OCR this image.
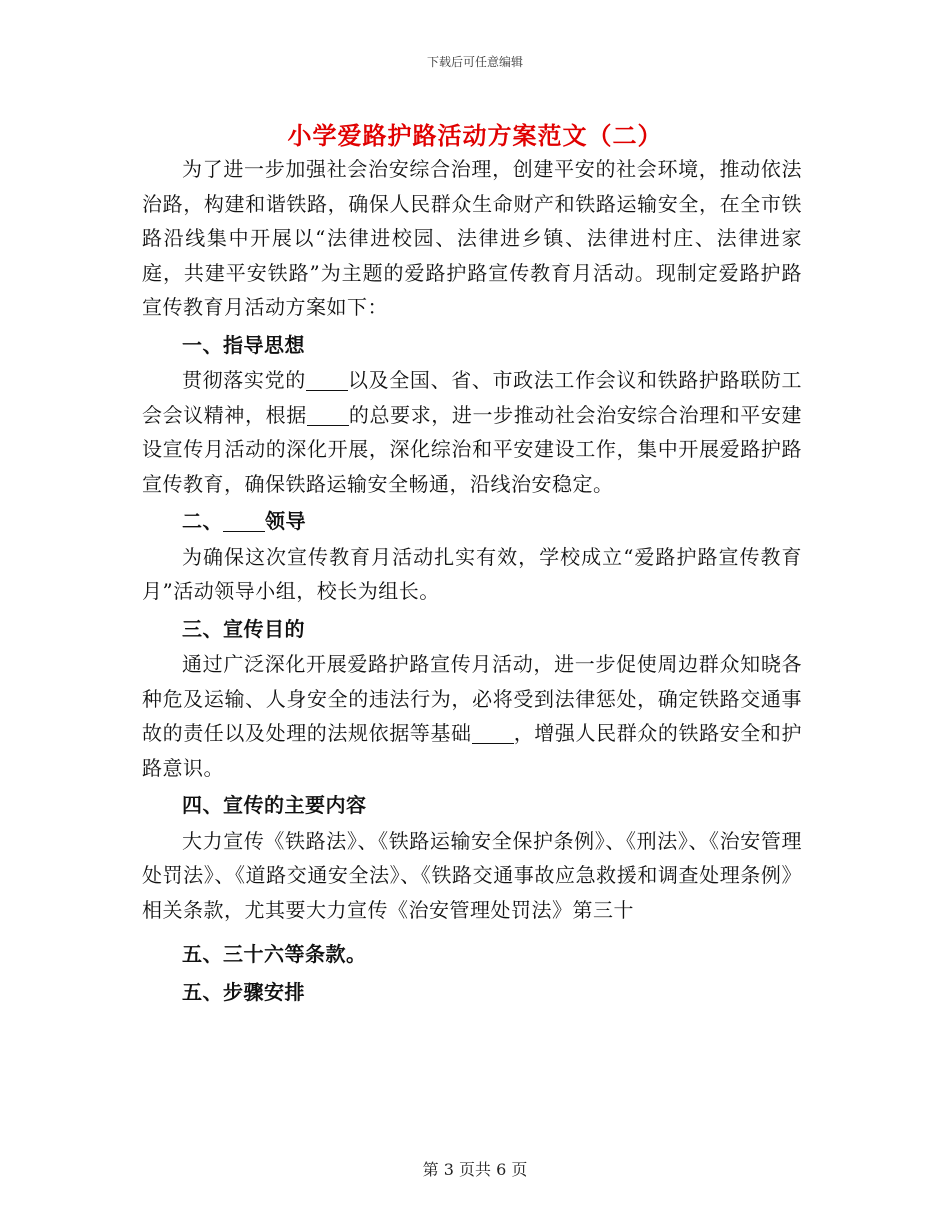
下载后可任意编辑
小学爱路护路活动方案范文（二）

为了进一步加强社会治安综合治理，创建平安的社会环境，推动依法治路，构建和谐铁路，确保人民群众生命财产和铁路运输安全，在全市铁路沿线集中开展以“法律进校园、法律进乡镇、法律进村庄、法律进家庭，共建平安铁路”为主题的爱路护路宣传教育月活动。现制定爱路护路宣传教育月活动方案如下：

一、指导思想

贯彻落实党的 以及全国、省、市政法工作会议和铁路护路联防工会会议精神，根据 的总要求，进一步推动社会治安综合治理和平安建设宣传月活动的深化开展，深化综治和平安建设工作，集中开展爱路护路宣传教育，确保铁路运输安全畅通，沿线治安稳定。

二、 领导

为确保这次宣传教育月活动扎实有效，学校成立“爱路护路宣传教育月”活动领导小组，校长为组长。

三、宣传目的

通过广泛深化开展爱路护路宣传月活动，进一步促使周边群众知晓各种危及运输、人身安全的违法行为，必将受到法律惩处，确定铁路交通事故的责任以及处理的法规依据等基础 ，增强人民群众的铁路安全和护路意识。

四、宣传的主要内容

大力宣传《铁路法》、《铁路运输安全保护条例》、《刑法》、《治安管理处罚法》、《道路交通安全法》、《铁路交通事故应急救援和调查处理条例》相关条款，尤其要大力宣传《治安管理处罚法》第三十

五、三十六等条款。

五、步骤安排

第 3 页共 6 页
